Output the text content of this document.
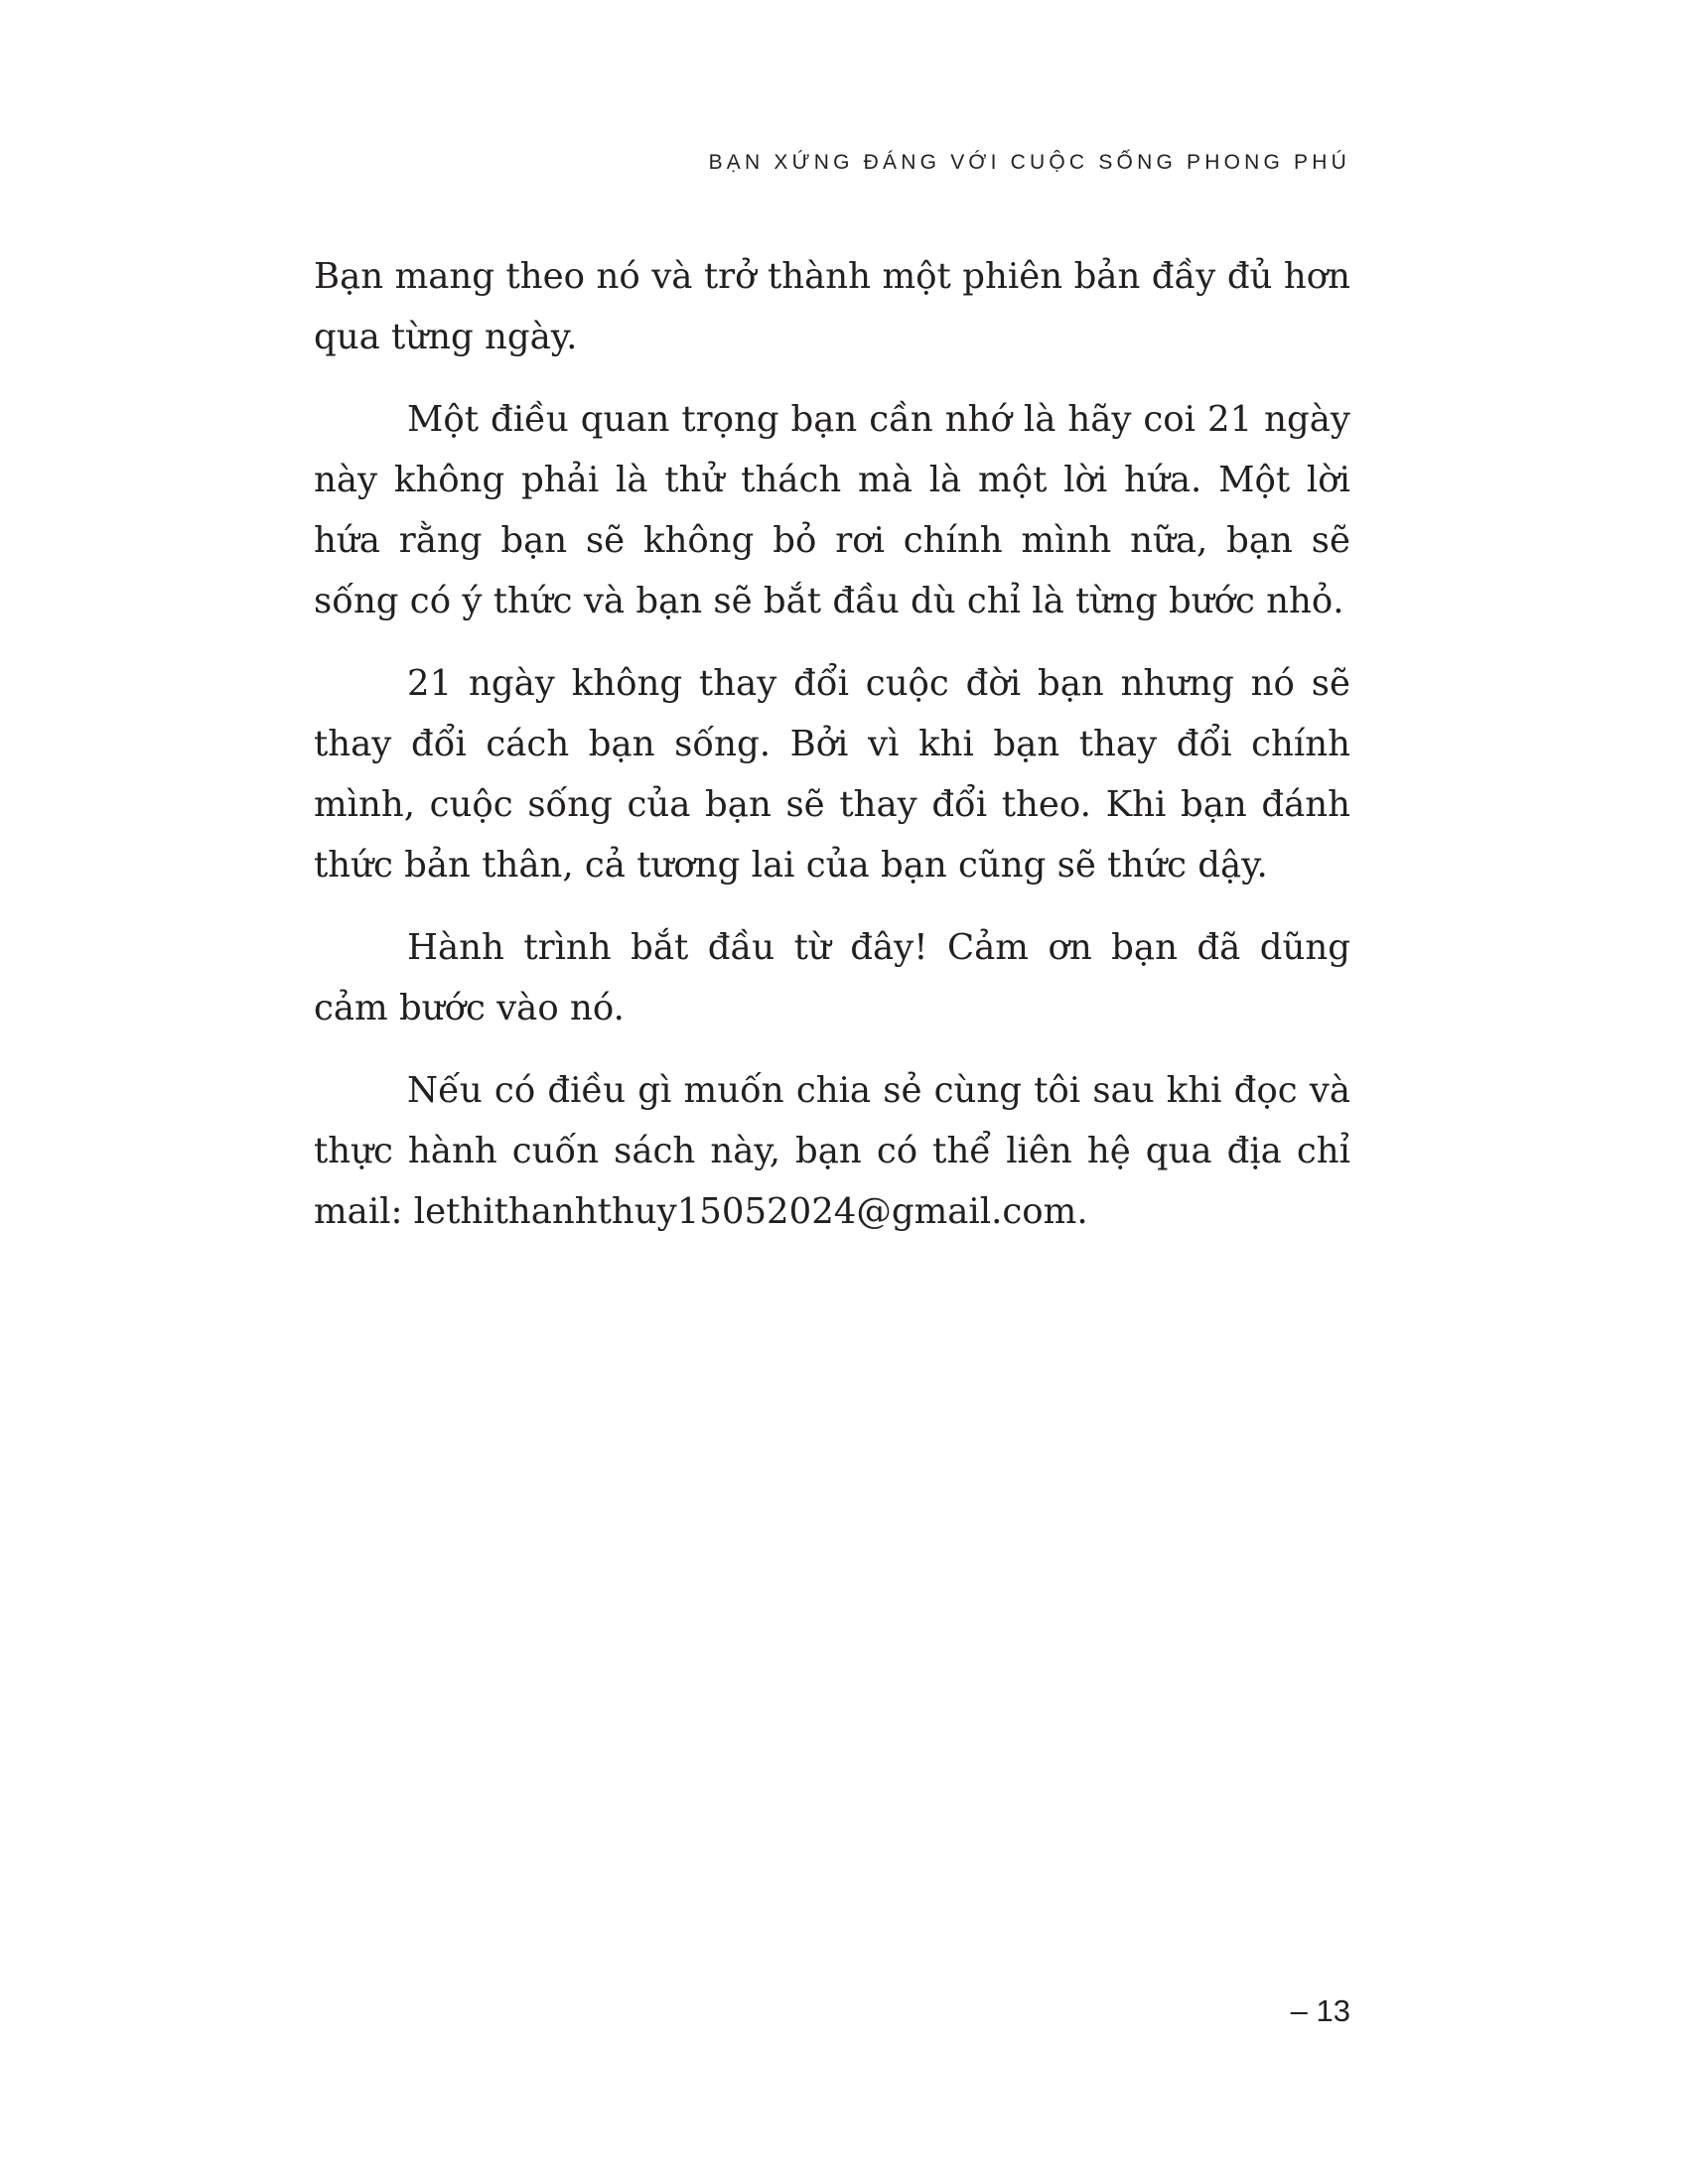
BẠN XỨNG ĐÁNG VỚI CUỘC SỐNG PHONG PHÚ

Bạn mang theo nó và trở thành một phiên bản đầy đủ hơn qua từng ngày.

Một điều quan trọng bạn cần nhớ là hãy coi 21 ngày này không phải là thử thách mà là một lời hứa. Một lời hứa rằng bạn sẽ không bỏ rơi chính mình nữa, bạn sẽ sống có ý thức và bạn sẽ bắt đầu dù chỉ là từng bước nhỏ.

21 ngày không thay đổi cuộc đời bạn nhưng nó sẽ thay đổi cách bạn sống. Bởi vì khi bạn thay đổi chính mình, cuộc sống của bạn sẽ thay đổi theo. Khi bạn đánh thức bản thân, cả tương lai của bạn cũng sẽ thức dậy.

Hành trình bắt đầu từ đây! Cảm ơn bạn đã dũng cảm bước vào nó.

Nếu có điều gì muốn chia sẻ cùng tôi sau khi đọc và thực hành cuốn sách này, bạn có thể liên hệ qua địa chỉ mail: lethithanhthuy15052024@gmail.com.

– 13
